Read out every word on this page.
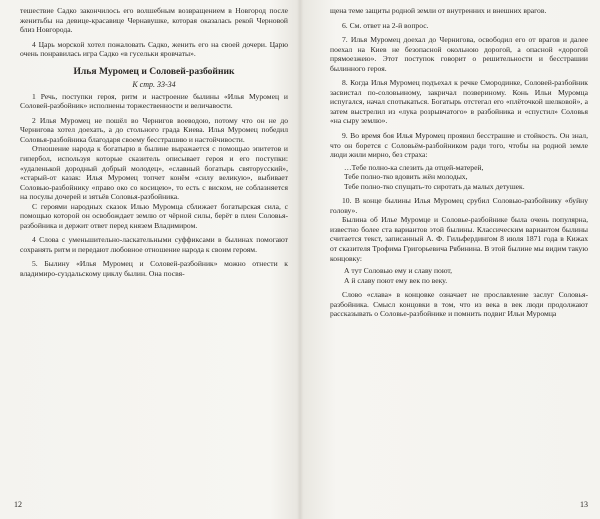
тешествие Садко закончилось его волшебным возвращением в Новгород после женитьбы на девице-красавице Чернавушке, которая оказалась рекой Черновой близ Новгорода.

4 Царь морской хотел пожаловать Садко, женить его на своей дочери. Царю очень понравилась игра Садко «в гусельки яровчаты».

Илья Муромец и Соловей-разбойник
К стр. 33-34

1 Речь, поступки героя, ритм и настроение былины «Илья Муромец и Соловей-разбойник» исполнены торжественности и величавости.

2 Илья Муромец не пошёл во Чернигов воеводою, потому что он не до Чернигова хотел доехать, а до стольного града Киева. Илья Муромец победил Соловья-разбойника благодаря своему бесстрашию и настойчивости.

Отношение народа к богатырю в былине выражается с помощью эпитетов и гипербол, используя которые сказитель описывает героя и его поступки: «удаленькой дородный добрый молодец», «славный богатырь святорусский», «старый-от казак: Илья Муромец топчет конём «силу великую», выбивает Соловью-разбойнику «право око со косицею», то есть с виском, не соблазняется на посулы дочерей и зятьёв Соловья-разбойника.

С героями народных сказок Илью Муромца сближает богатырская сила, с помощью которой он освобождает землю от чёрной силы, берёт в плен Соловья-разбойника и держит ответ перед князем Владимиром.

4 Слова с уменьшительно-ласкательными суффиксами в былинах помогают сохранять ритм и передают любовное отношение народа к своим героям.

5. Былину «Илья Муромец и Соловей-разбойник» можно отнести к владимиро-суздальскому циклу былин. Она посвя-

12

щена теме защиты родной земли от внутренних и внешних врагов.

6. См. ответ на 2-й вопрос.

7. Илья Муромец доехал до Чернигова, освободил его от врагов и далее поехал на Киев не безопасной окольною дорогой, а опасной «дорогой прямоезжею». Этот поступок говорит о решительности и бесстрашии былинного героя.

8. Когда Илья Муромец подъехал к речке Смородинке, Соловей-разбойник засвистал по-соловьиному, закричал позвериному. Конь Ильи Муромца испугался, начал спотыкаться. Богатырь отстегал его «плёточкой шелковой», а затем выстрелил из «лука розрывчатого» в разбойника и «спустил» Соловья «на сыру землю».

9. Во время боя Илья Муромец проявил бесстрашие и стойкость. Он знал, что он борется с Соловьём-разбойником ради того, чтобы на родной земле люди жили мирно, без страха:

…Тебе полно-ка слезить да отцей-матерей,

Тебе полно-тко вдовить жён молодых,

Тебе полно-тко спущать-то сиротать да малых детушек.

10. В конце былины Илья Муромец срубил Соловью-разбойнику «буйну голову».

Былина об Илье Муромце и Соловье-разбойнике была очень популярна, известно более ста вариантов этой былины. Классическим вариантом былины считается текст, записанный А. Ф. Гильфердингом 8 июля 1871 года в Кижах от сказителя Трофима Григорьевича Рябинина. В этой былине мы видим такую концовку:

А тут Соловью ему и славу поют,

А й славу поют ему век по веку.

Слово «слава» в концовке означает не прославление заслуг Соловья-разбойника. Смысл концовки в том, что из века в век люди продолжают рассказывать о Соловье-разбойнике и помнить подвиг Ильи Муромца

13
